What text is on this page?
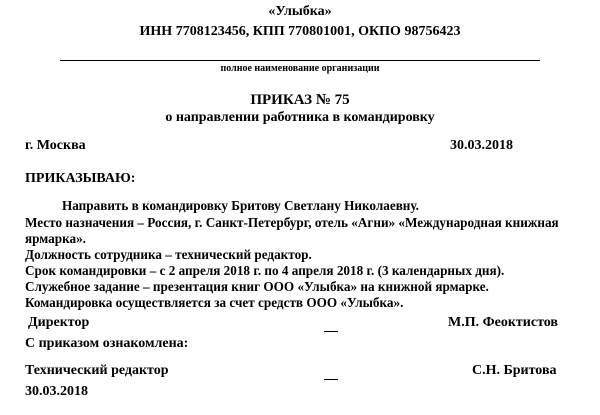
«Улыбка»
ИНН 7708123456, КПП 770801001, ОКПО 98756423
полное наименование организации
ПРИКАЗ № 75
о направлении работника в командировку
г. Москва	30.03.2018
ПРИКАЗЫВАЮ:
Направить в командировку Бритову Светлану Николаевну.
Место назначения – Россия, г. Санкт-Петербург, отель «Агни» «Международная книжная
ярмарка».
Должность сотрудника – технический редактор.
Срок командировки – с 2 апреля 2018 г. по 4 апреля 2018 г. (3 календарных дня).
Служебное задание – презентация книг ООО «Улыбка» на книжной ярмарке.
Командировка осуществляется за счет средств ООО «Улыбка».
Директор	М.П. Феоктистов
С приказом ознакомлена:
Технический редактор	С.Н. Бритова
30.03.2018
